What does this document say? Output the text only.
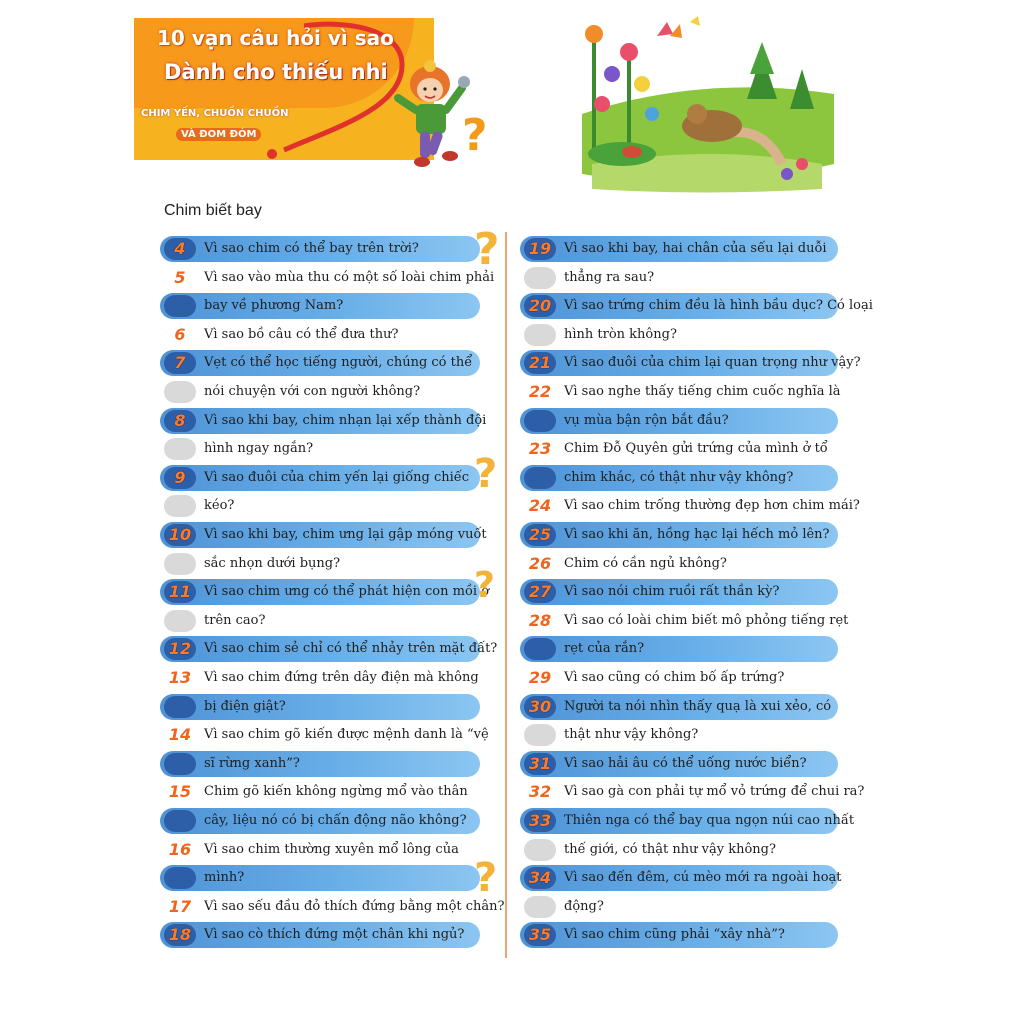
10 vạn câu hỏi vì sao
Dành cho thiếu nhi
CHIM YẾN, CHUỒN CHUỒN
VÀ ĐOM ĐÓM	?
Chim biết bay
4	Vì sao chim có thể bay trên trời?
5	Vì sao vào mùa thu có một số loài chim phải
bay về phương Nam?
6	Vì sao bồ câu có thể đưa thư?
7	Vẹt có thể học tiếng người, chúng có thể
nói chuyện với con người không?
8	Vì sao khi bay, chim nhạn lại xếp thành đội
hình ngay ngắn?
9	Vì sao đuôi của chim yến lại giống chiếc
kéo?
10 Vì sao khi bay, chim ưng lại gập móng vuốt
sắc nhọn dưới bụng?
11 Vì sao chim ưng có thể phát hiện con mồi ở
trên cao?
12 Vì sao chim sẻ chỉ có thể nhảy trên mặt đất?
13 Vì sao chim đứng trên dây điện mà không
bị điện giật?
14 Vì sao chim gõ kiến được mệnh danh là “vệ
sĩ rừng xanh”?
15 Chim gõ kiến không ngừng mổ vào thân
cây, liệu nó có bị chấn động não không?
16 Vì sao chim thường xuyên mổ lông của
mình?
17 Vì sao sếu đầu đỏ thích đứng bằng một chân?
18 Vì sao cò thích đứng một chân khi ngủ?
19 Vì sao khi bay, hai chân của sếu lại duỗi
thẳng ra sau?
20 Vì sao trứng chim đều là hình bầu dục? Có loại
hình tròn không?
21 Vì sao đuôi của chim lại quan trọng như vậy?
22 Vì sao nghe thấy tiếng chim cuốc nghĩa là
vụ mùa bận rộn bắt đầu?
23 Chim Đỗ Quyên gửi trứng của mình ở tổ
chim khác, có thật như vậy không?
24 Vì sao chim trống thường đẹp hơn chim mái?
25 Vì sao khi ăn, hồng hạc lại hếch mỏ lên?
26 Chim có cần ngủ không?
27 Vì sao nói chim ruồi rất thần kỳ?
28 Vì sao có loài chim biết mô phỏng tiếng rẹt
rẹt của rắn?
29 Vì sao cũng có chim bố ấp trứng?
30 Người ta nói nhìn thấy quạ là xui xẻo, có
thật như vậy không?
31 Vì sao hải âu có thể uống nước biển?
32 Vì sao gà con phải tự mổ vỏ trứng để chui ra?
33 Thiên nga có thể bay qua ngọn núi cao nhất
thế giới, có thật như vậy không?
34 Vì sao đến đêm, cú mèo mới ra ngoài hoạt
động?
35 Vì sao chim cũng phải “xây nhà”?
?
?
?
?
